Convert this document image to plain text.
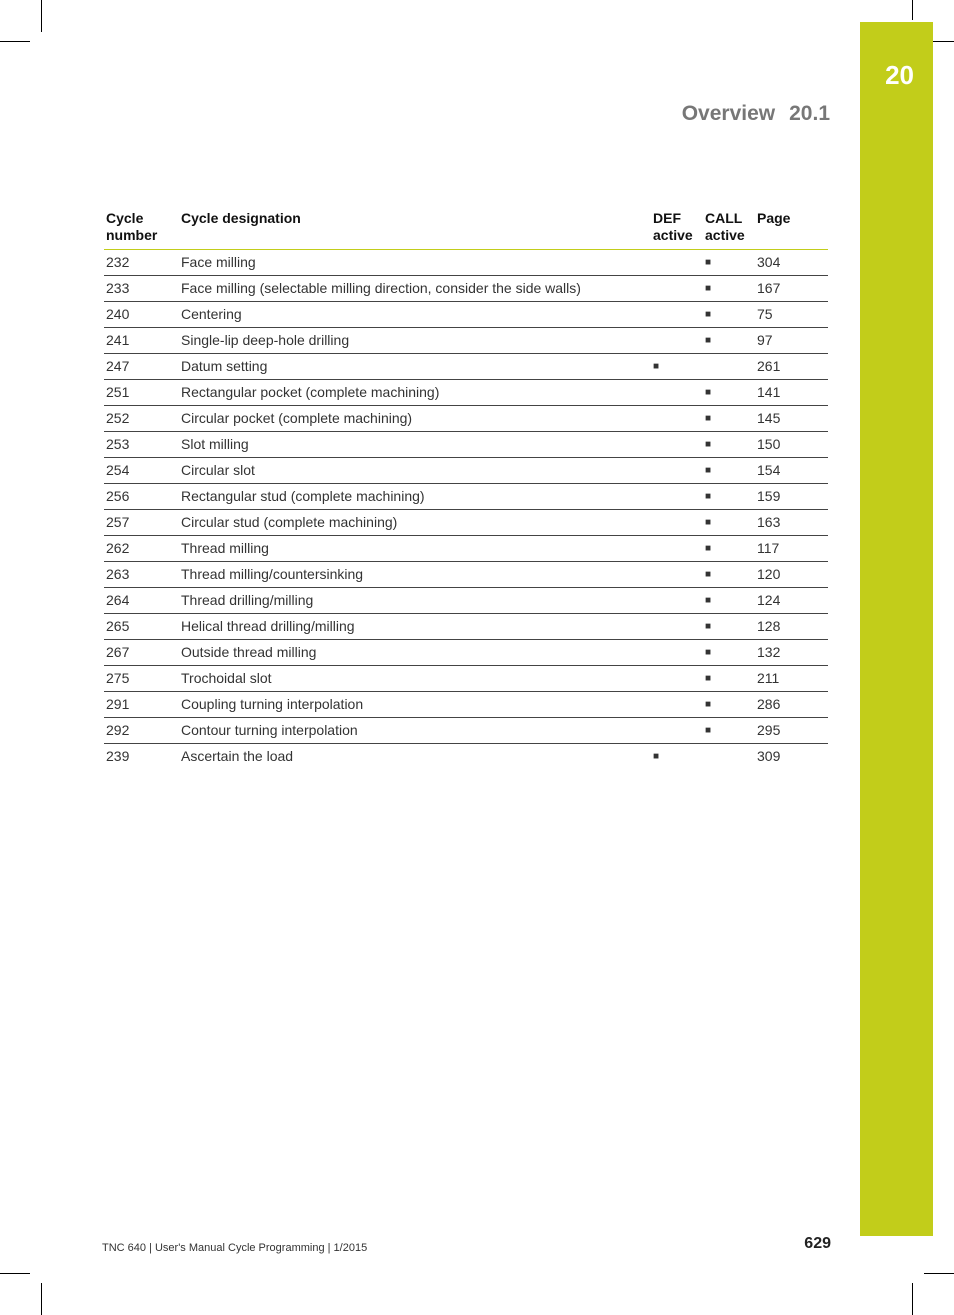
20
Overview 20.1
Cycle number	Cycle designation	DEF active	CALL active	Page
232	Face milling		■	304
233	Face milling (selectable milling direction, consider the side walls)		■	167
240	Centering		■	75
241	Single-lip deep-hole drilling		■	97
247	Datum setting	■		261
251	Rectangular pocket (complete machining)		■	141
252	Circular pocket (complete machining)		■	145
253	Slot milling		■	150
254	Circular slot		■	154
256	Rectangular stud (complete machining)		■	159
257	Circular stud (complete machining)		■	163
262	Thread milling		■	117
263	Thread milling/countersinking		■	120
264	Thread drilling/milling		■	124
265	Helical thread drilling/milling		■	128
267	Outside thread milling		■	132
275	Trochoidal slot		■	211
291	Coupling turning interpolation		■	286
292	Contour turning interpolation		■	295
239	Ascertain the load	■		309
TNC 640 | User's Manual Cycle Programming | 1/2015	629
